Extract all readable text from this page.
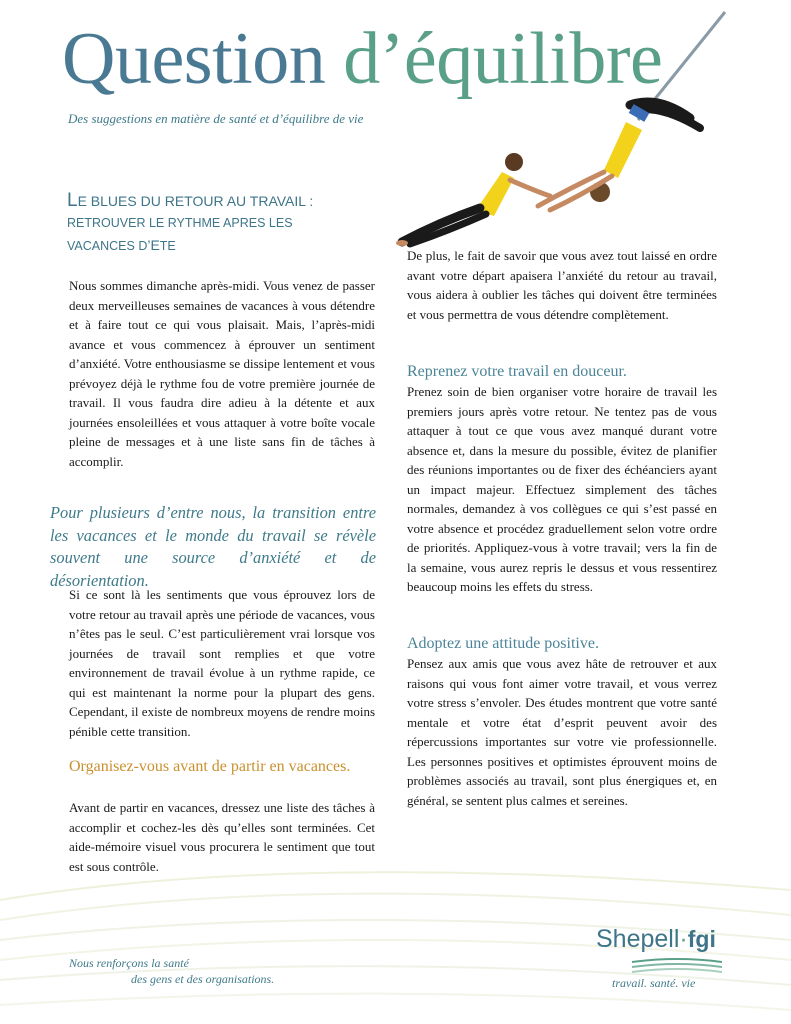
Question d’équilibre
Des suggestions en matière de santé et d’équilibre de vie
LE BLUES DU RETOUR AU TRAVAIL :
RETROUVER LE RYTHME APRES LES
VACANCES D’ETE
Nous sommes dimanche après-midi. Vous venez de passer deux merveilleuses semaines de vacances à vous détendre et à faire tout ce qui vous plaisait. Mais, l’après-midi avance et vous commencez à éprouver un sentiment d’anxiété. Votre enthousiasme se dissipe lentement et vous prévoyez déjà le rythme fou de votre première journée de travail. Il vous faudra dire adieu à la détente et aux journées ensoleillées et vous attaquer à votre boîte vocale pleine de messages et à une liste sans fin de tâches à accomplir.
Pour plusieurs d’entre nous, la transition entre les vacances et le monde du travail se révèle souvent une source d’anxiété et de désorientation.
Si ce sont là les sentiments que vous éprouvez lors de votre retour au travail après une période de vacances, vous n’êtes pas le seul. C’est particulièrement vrai lorsque vos journées de travail sont remplies et que votre environnement de travail évolue à un rythme rapide, ce qui est maintenant la norme pour la plupart des gens. Cependant, il existe de nombreux moyens de rendre moins pénible cette transition.
Organisez-vous avant de partir en vacances.
Avant de partir en vacances, dressez une liste des tâches à accomplir et cochez-les dès qu’elles sont terminées. Cet aide-mémoire visuel vous procurera le sentiment que tout est sous contrôle.
De plus, le fait de savoir que vous avez tout laissé en ordre avant votre départ apaisera l’anxiété du retour au travail, vous aidera à oublier les tâches qui doivent être terminées et vous permettra de vous détendre complètement.
Reprenez votre travail en douceur.
Prenez soin de bien organiser votre horaire de travail les premiers jours après votre retour. Ne tentez pas de vous attaquer à tout ce que vous avez manqué durant votre absence et, dans la mesure du possible, évitez de planifier des réunions importantes ou de fixer des échéanciers ayant un impact majeur. Effectuez simplement des tâches normales, demandez à vos collègues ce qui s’est passé en votre absence et procédez graduellement selon votre ordre de priorités. Appliquez-vous à votre travail; vers la fin de la semaine, vous aurez repris le dessus et vous ressentirez beaucoup moins les effets du stress.
Adoptez une attitude positive.
Pensez aux amis que vous avez hâte de retrouver et aux raisons qui vous font aimer votre travail, et vous verrez votre stress s’envoler. Des études montrent que votre santé mentale et votre état d’esprit peuvent avoir des répercussions importantes sur votre vie professionnelle. Les personnes positives et optimistes éprouvent moins de problèmes associés au travail, sont plus énergiques et, en général, se sentent plus calmes et sereines.
Nous renforçons la santé
des gens et des organisations.
Shepell·fgi
travail. santé. vie
